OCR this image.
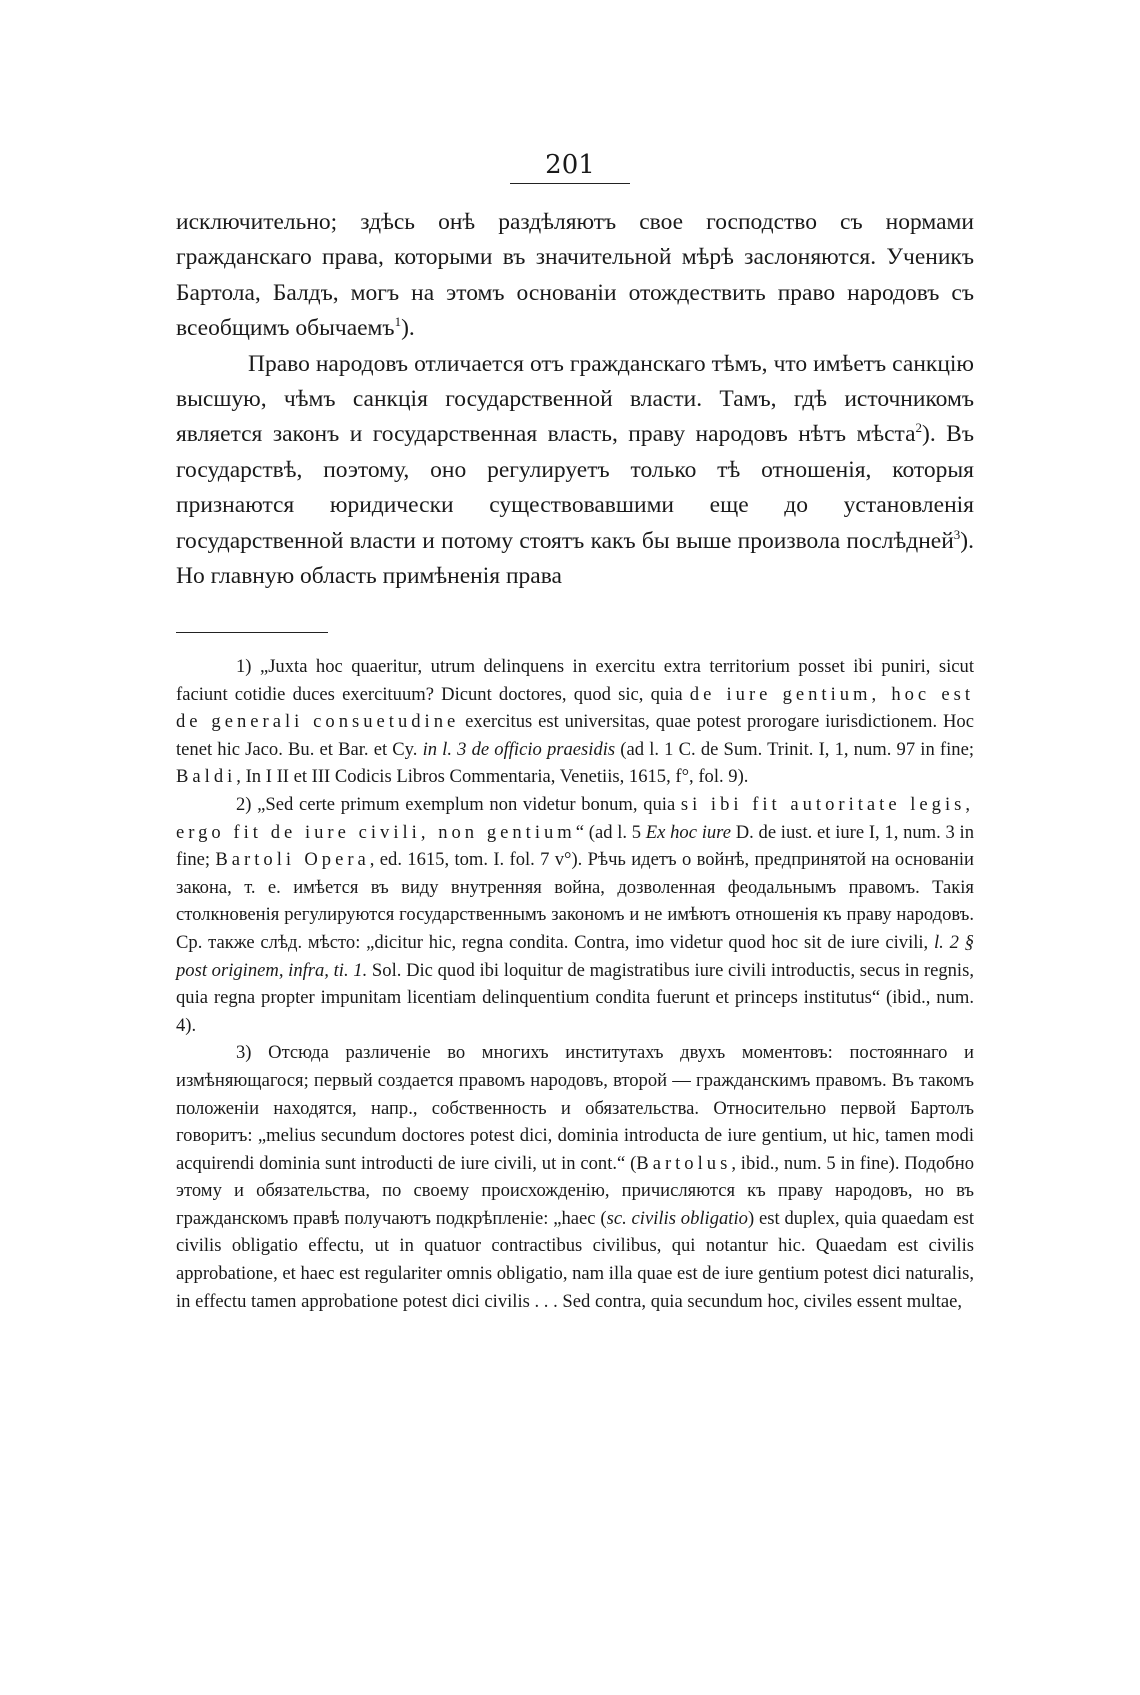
201

исключительно; здѣсь онѣ раздѣляютъ свое господство съ нормами гражданскаго права, которыми въ значительной мѣрѣ заслоняются. Ученикъ Бартола, Балдъ, могъ на этомъ основаніи отождествить право народовъ съ всеобщимъ обычаемъ$^1$).

Право народовъ отличается отъ гражданскаго тѣмъ, что имѣетъ санкцію высшую, чѣмъ санкція государственной власти. Тамъ, гдѣ источникомъ является законъ и государственная власть, праву народовъ нѣтъ мѣста$^2$). Въ государствѣ, поэтому, оно регулируетъ только тѣ отношенія, которыя признаются юридически существовавшими еще до установленія государственной власти и потому стоятъ какъ бы выше произвола послѣдней$^3$). Но главную область примѣненія права

1) „Juxta hoc quaeritur, utrum delinquens in exercitu extra territorium posset ibi puniri, sicut faciunt cotidie duces exercituum? Dicunt doctores, quod sic, quia de iure gentium, hoc est de generali consuetudine exercitus est universitas, quae potest prorogare iurisdictionem. Hoc tenet hic Jaco. Bu. et Bar. et Cy. in l. 3 de officio praesidis (ad l. 1 C. de Sum. Trinit. I, 1, num. 97 in fine; Baldi, In I II et III Codicis Libros Commentaria, Venetiis, 1615, f°, fol. 9).

2) „Sed certe primum exemplum non videtur bonum, quia si ibi fit autoritate legis, ergo fit de iure civili, non gentium“ (ad l. 5 Ex hoc iure D. de iust. et iure I, 1, num. 3 in fine; Bartoli Opera, ed. 1615, tom. I. fol. 7 v°). Рѣчь идетъ о войнѣ, предпринятой на основаніи закона, т. е. имѣется въ виду внутренняя война, дозволенная феодальнымъ правомъ. Такія столкновенія регулируются государственнымъ закономъ и не имѣютъ отношенія къ праву народовъ. Ср. также слѣд. мѣсто: „dicitur hic, regna condita. Contra, imo videtur quod hoc sit de iure civili, l. 2 § post originem, infra, ti. 1. Sol. Dic quod ibi loquitur de magistratibus iure civili introductis, secus in regnis, quia regna propter impunitam licentiam delinquentium condita fuerunt et princeps institutus“ (ibid., num. 4).

3) Отсюда различеніе во многихъ институтахъ двухъ моментовъ: постояннаго и измѣняющагося; первый создается правомъ народовъ, второй — гражданскимъ правомъ. Въ такомъ положеніи находятся, напр., собственность и обязательства. Относительно первой Бартолъ говоритъ: „melius secundum doctores potest dici, dominia introducta de iure gentium, ut hic, tamen modi acquirendi dominia sunt introducti de iure civili, ut in cont.“ (Bartolus, ibid., num. 5 in fine). Подобно этому и обязательства, по своему происхожденію, причисляются къ праву народовъ, но въ гражданскомъ правѣ получаютъ подкрѣпленіе: „haec (sc. civilis obligatio) est duplex, quia quaedam est civilis obligatio effectu, ut in quatuor contractibus civilibus, qui notantur hic. Quaedam est civilis approbatione, et haec est regulariter omnis obligatio, nam illa quae est de iure gentium potest dici naturalis, in effectu tamen approbatione potest dici civilis . . . Sed contra, quia secundum hoc, civiles essent multae,
